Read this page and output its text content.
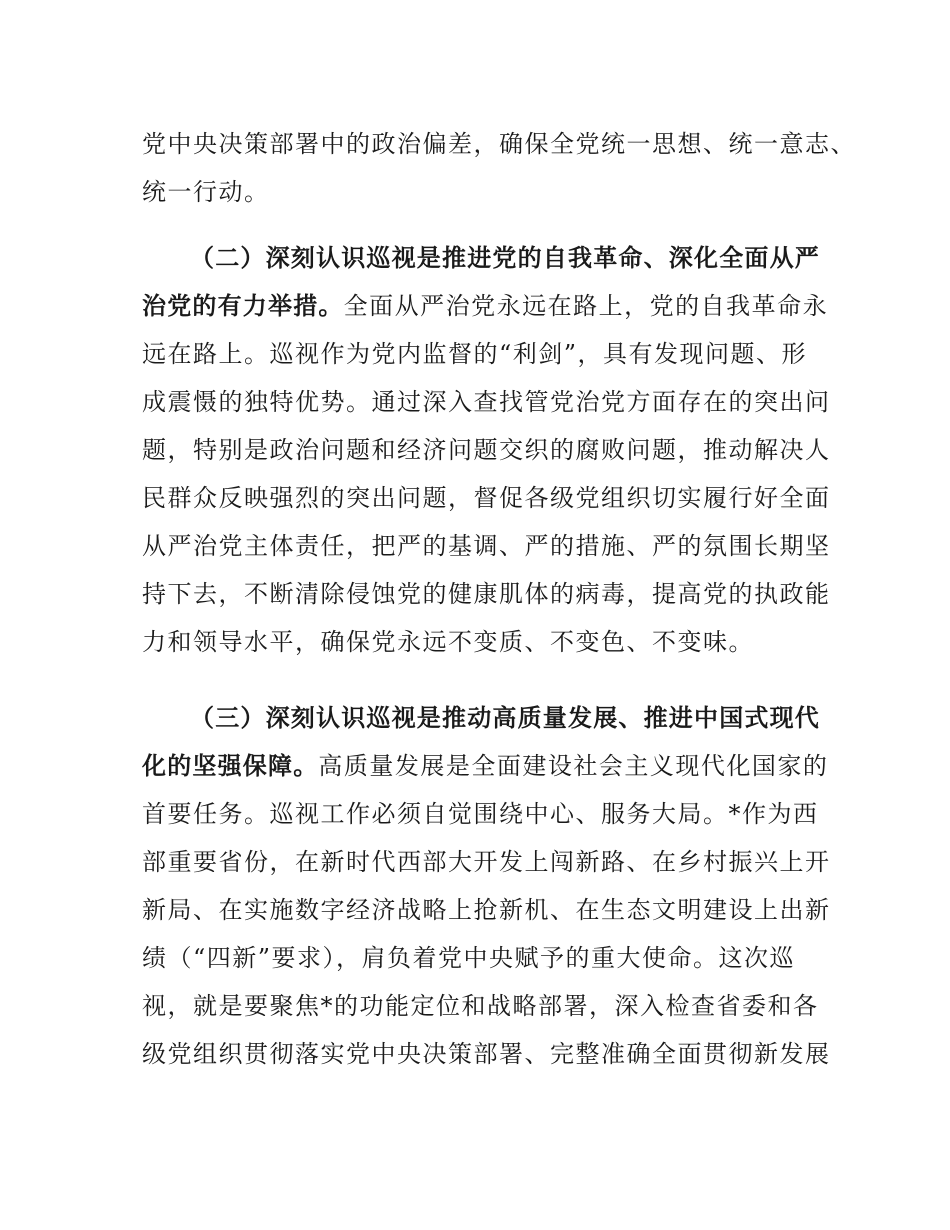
党中央决策部署中的政治偏差，确保全党统一思想、统一意志、
统一行动。
（二）深刻认识巡视是推进党的自我革命、深化全面从严
治党的有力举措。全面从严治党永远在路上，党的自我革命永
远在路上。巡视作为党内监督的“利剑”，具有发现问题、形
成震慑的独特优势。通过深入查找管党治党方面存在的突出问
题，特别是政治问题和经济问题交织的腐败问题，推动解决人
民群众反映强烈的突出问题，督促各级党组织切实履行好全面
从严治党主体责任，把严的基调、严的措施、严的氛围长期坚
持下去，不断清除侵蚀党的健康肌体的病毒，提高党的执政能
力和领导水平，确保党永远不变质、不变色、不变味。
（三）深刻认识巡视是推动高质量发展、推进中国式现代
化的坚强保障。高质量发展是全面建设社会主义现代化国家的
首要任务。巡视工作必须自觉围绕中心、服务大局。*作为西
部重要省份，在新时代西部大开发上闯新路、在乡村振兴上开
新局、在实施数字经济战略上抢新机、在生态文明建设上出新
绩（“四新”要求），肩负着党中央赋予的重大使命。这次巡
视，就是要聚焦*的功能定位和战略部署，深入检查省委和各
级党组织贯彻落实党中央决策部署、完整准确全面贯彻新发展
